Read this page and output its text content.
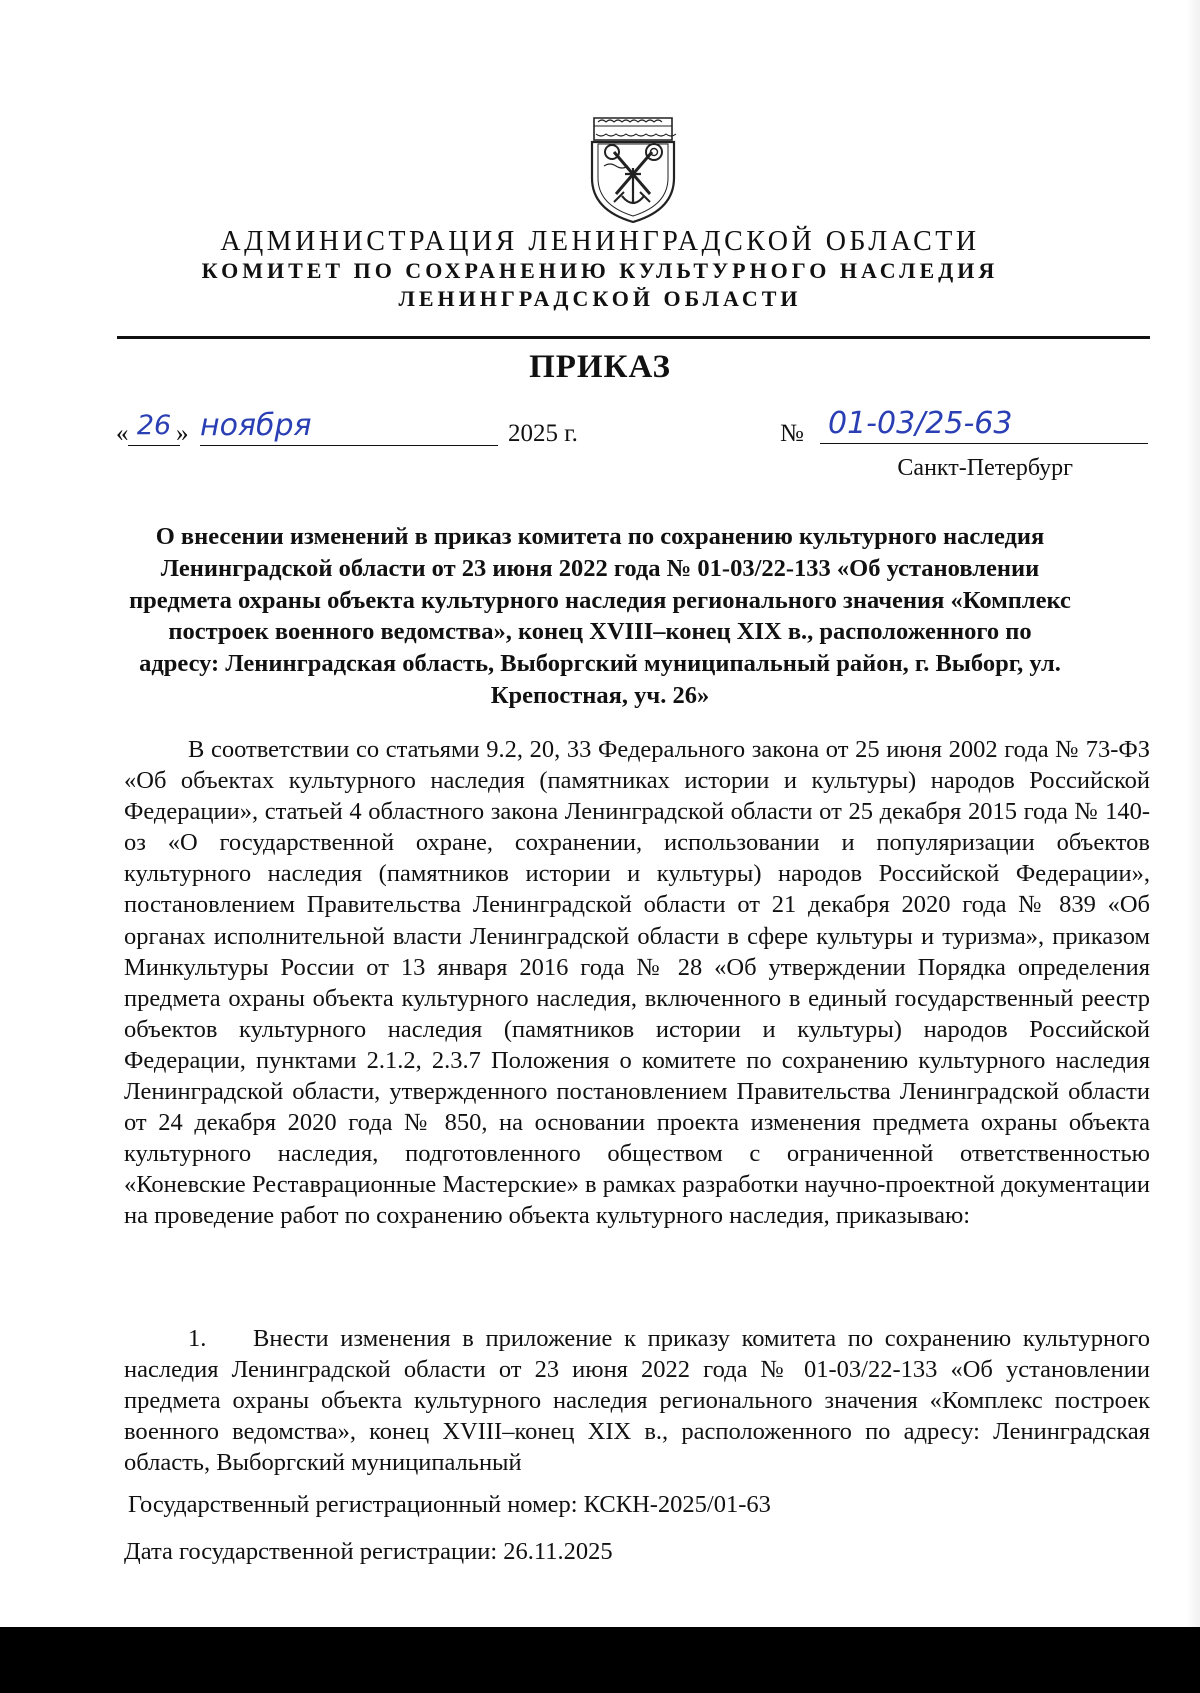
АДМИНИСТРАЦИЯ ЛЕНИНГРАДСКОЙ ОБЛАСТИ
КОМИТЕТ ПО СОХРАНЕНИЮ КУЛЬТУРНОГО НАСЛЕДИЯ
ЛЕНИНГРАДСКОЙ ОБЛАСТИ
ПРИКАЗ
« 26 » ноября	2025 г.	№ 01-03/25-63
Санкт-Петербург
О внесении изменений в приказ комитета по сохранению культурного наследия Ленинградской области от 23 июня 2022 года № 01-03/22-133 «Об установлении предмета охраны объекта культурного наследия регионального значения «Комплекс построек военного ведомства», конец XVIII–конец XIX в., расположенного по адресу: Ленинградская область, Выборгский муниципальный район, г. Выборг, ул. Крепостная, уч. 26»
В соответствии со статьями 9.2, 20, 33 Федерального закона от 25 июня 2002 года № 73-ФЗ «Об объектах культурного наследия (памятниках истории и культуры) народов Российской Федерации», статьей 4 областного закона Ленинградской области от 25 декабря 2015 года № 140-оз «О государственной охране, сохранении, использовании и популяризации объектов культурного наследия (памятников истории и культуры) народов Российской Федерации», постановлением Правительства Ленинградской области от 21 декабря 2020 года № 839 «Об органах исполнительной власти Ленинградской области в сфере культуры и туризма», приказом Минкультуры России от 13 января 2016 года № 28 «Об утверждении Порядка определения предмета охраны объекта культурного наследия, включенного в единый государственный реестр объектов культурного наследия (памятников истории и культуры) народов Российской Федерации, пунктами 2.1.2, 2.3.7 Положения о комитете по сохранению культурного наследия Ленинградской области, утвержденного постановлением Правительства Ленинградской области от 24 декабря 2020 года № 850, на основании проекта изменения предмета охраны объекта культурного наследия, подготовленного обществом с ограниченной ответственностью «Коневские Реставрационные Мастерские» в рамках разработки научно-проектной документации на проведение работ по сохранению объекта культурного наследия, приказываю:
1. Внести изменения в приложение к приказу комитета по сохранению культурного наследия Ленинградской области от 23 июня 2022 года № 01-03/22-133 «Об установлении предмета охраны объекта культурного наследия регионального значения «Комплекс построек военного ведомства», конец XVIII–конец XIX в., расположенного по адресу: Ленинградская область, Выборгский муниципальный
Государственный регистрационный номер: КСКН-2025/01-63
Дата государственной регистрации: 26.11.2025
